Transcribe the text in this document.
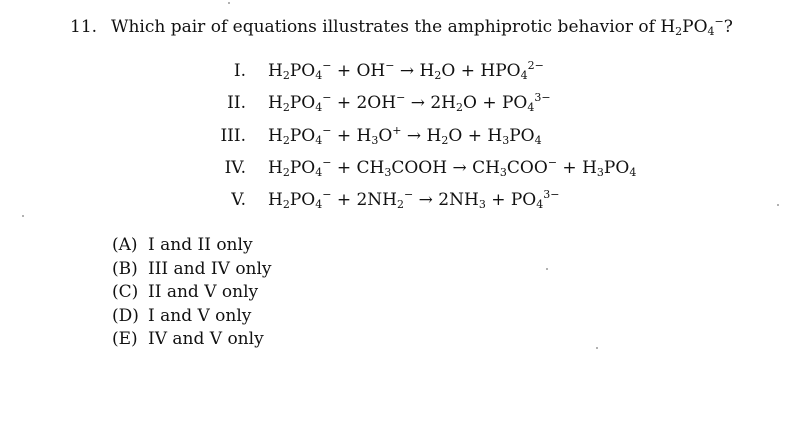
11. Which pair of equations illustrates the amphiprotic behavior of $H_2PO_4^-$?
I. $H_2PO_4^- + OH^- \to H_2O + HPO_4^{2-}$
II. $H_2PO_4^- + 2OH^- \to 2H_2O + PO_4^{3-}$
III. $H_2PO_4^- + H_3O^+ \to H_2O + H_3PO_4$
IV. $H_2PO_4^-$ + $CH_3COOH \to CH_3COO^- + H_3PO_4$
V. $H_2PO_4^- + 2NH_2^- \to 2NH_3 + PO_4^{3-}$
(A) I and II only
(B) III and IV only
(C) II and V only
(D) I and V only
(E) IV and V only
